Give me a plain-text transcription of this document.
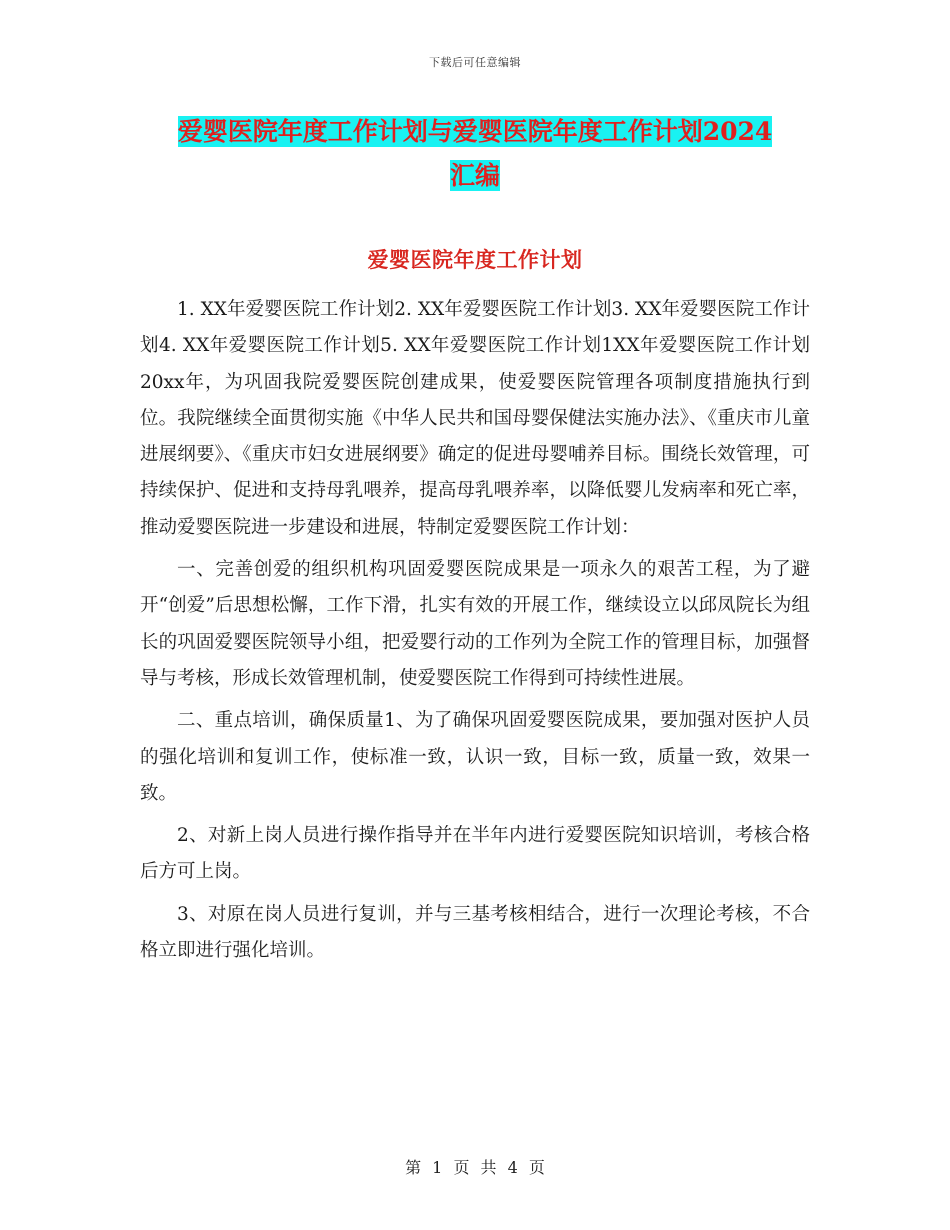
下载后可任意编辑
爱婴医院年度工作计划与爱婴医院年度工作计划2024
汇编
爱婴医院年度工作计划

1. XX年爱婴医院工作计划2. XX年爱婴医院工作计划3. XX年爱婴医院工作计划4. XX年爱婴医院工作计划5. XX年爱婴医院工作计划1XX年爱婴医院工作计划20xx年，为巩固我院爱婴医院创建成果，使爱婴医院管理各项制度措施执行到位。我院继续全面贯彻实施《中华人民共和国母婴保健法实施办法》、《重庆市儿童进展纲要》、《重庆市妇女进展纲要》确定的促进母婴哺养目标。围绕长效管理，可持续保护、促进和支持母乳喂养，提高母乳喂养率，以降低婴儿发病率和死亡率，推动爱婴医院进一步建设和进展，特制定爱婴医院工作计划：

一、完善创爱的组织机构巩固爱婴医院成果是一项永久的艰苦工程，为了避开“创爱”后思想松懈，工作下滑，扎实有效的开展工作，继续设立以邱凤院长为组长的巩固爱婴医院领导小组，把爱婴行动的工作列为全院工作的管理目标，加强督导与考核，形成长效管理机制，使爱婴医院工作得到可持续性进展。

二、重点培训，确保质量1、为了确保巩固爱婴医院成果，要加强对医护人员的强化培训和复训工作，使标准一致，认识一致，目标一致，质量一致，效果一致。

2、对新上岗人员进行操作指导并在半年内进行爱婴医院知识培训，考核合格后方可上岗。

3、对原在岗人员进行复训，并与三基考核相结合，进行一次理论考核，不合格立即进行强化培训。

第 1 页 共 4 页
